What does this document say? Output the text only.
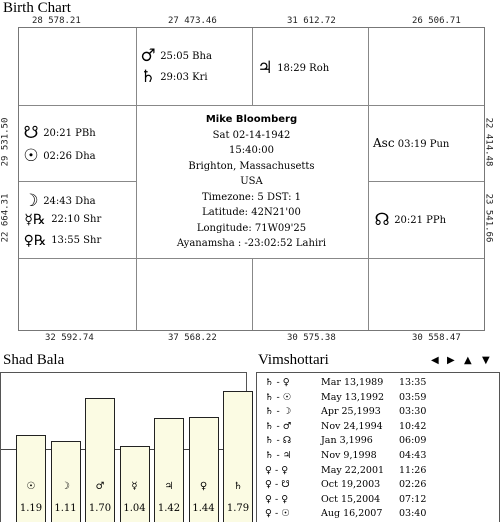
Birth Chart
28 578.21	27 473.46	31 612.72	26 506.71
32 592.74	37 568.22	30 575.38	30 558.47
29 531.50
22 664.31
22 414.48
23 541.66
♂ 25:05 Bha
♄ 29:03 Kri	♃ 18:29 Roh
☋ 20:21 PBh
☉ 02:26 Dha
☽ 24:43 Dha
☿℞ 22:10 Shr
♀℞ 13:55 Shr
Asc 03:19 Pun
☊ 20:21 PPh
Mike Bloomberg
Sat 02-14-1942
15:40:00
Brighton, Massachusetts
USA
Timezone: 5 DST: 1
Latitude: 42N21'00
Longitude: 71W09'25
Ayanamsha : -23:02:52 Lahiri
Shad Bala
☉
1.19
☽
1.11
♂
1.70
☿
1.04
♃
1.42
♀
1.44
♄
1.79
Vimshottari	◀ ▶ ▲ ▼
♄ - ♀	Mar 13,1989 13:35
♄ - ☉	May 13,1992 03:59
♄ - ☽	Apr 25,1993 03:30
♄ - ♂	Nov 24,1994 10:42
♄ - ☊	Jan 3,1996	06:09
♄ - ♃	Nov 9,1998 04:43
♀ - ♀	May 22,2001 11:26
♀ - ☋	Oct 19,2003 02:26
♀ - ♀	Oct 15,2004 07:12
♀ - ☉	Aug 16,2007 03:40
